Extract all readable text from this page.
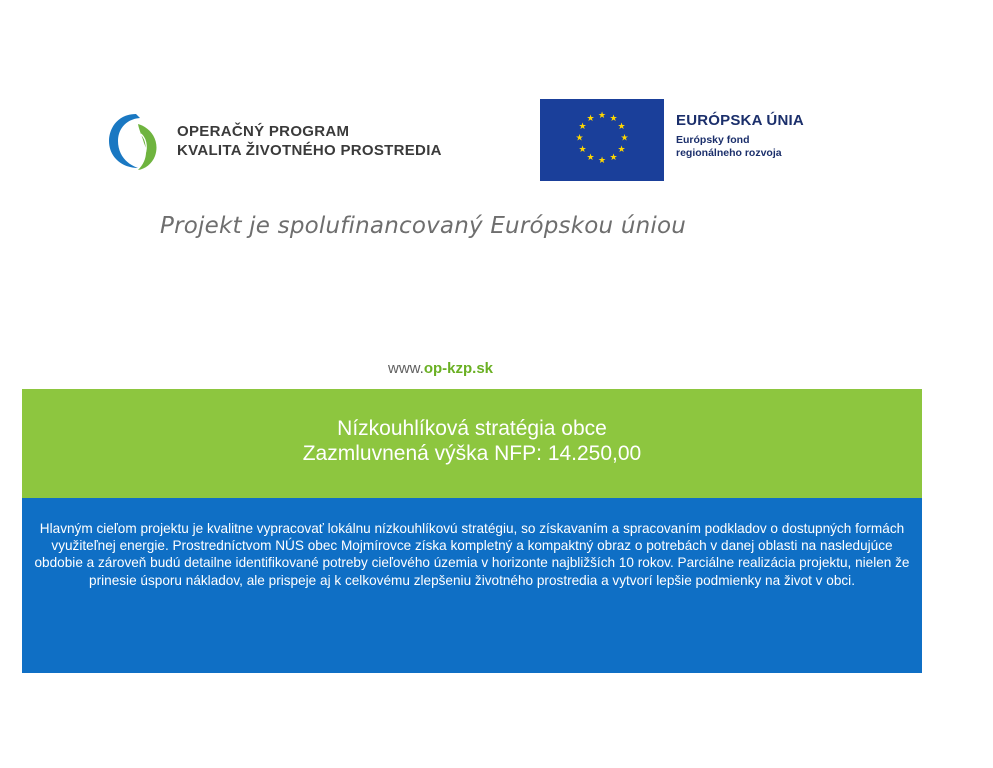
OPERAČNÝ PROGRAM
KVALITA ŽIVOTNÉHO PROSTREDIA
★ ★
★
★
★
★
★
★
★
★
★
★	EURÓPSKA ÚNIA
Európsky fond
regionálneho rozvoja
Projekt je spolufinancovaný Európskou úniou
www.op-kzp.sk
Nízkouhlíková stratégia obce
Zazmluvnená výška NFP: 14.250,00
Hlavným cieľom projektu je kvalitne vypracovať lokálnu nízkouhlíkovú stratégiu, so získavaním a spracovaním podkladov o dostupných formách využiteľnej energie. Prostredníctvom NÚS obec Mojmírovce získa kompletný a kompaktný obraz o potrebách v danej oblasti na nasledujúce obdobie a zároveň budú detailne identifikované potreby cieľového územia v horizonte najbližších 10 rokov. Parciálne realizácia projektu, nielen že prinesie úsporu nákladov, ale prispeje aj k celkovému zlepšeniu životného prostredia a vytvorí lepšie podmienky na život v obci.
